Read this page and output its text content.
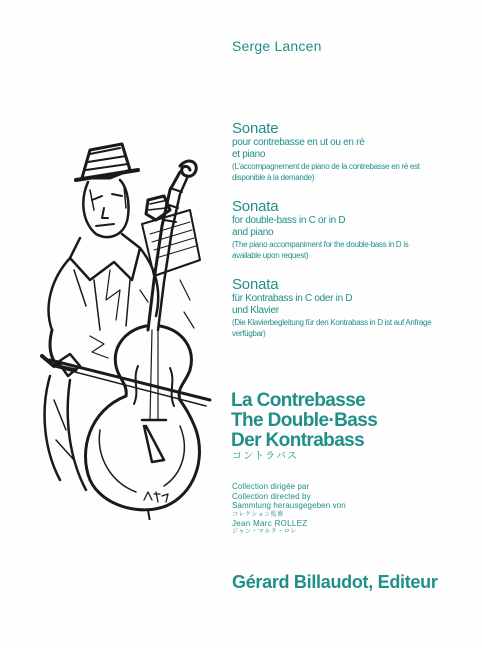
Serge Lancen
Sonate
pour contrebasse en ut ou en ré
et piano
(L'accompagnement de piano de la contrebasse en ré est
disponible à la demande)
Sonata
for double-bass in C or in D
and piano
(The piano accompaniment for the double-bass in D is
available upon request)
Sonata
für Kontrabass in C oder in D
und Klavier
(Die Klavierbegleitung für den Kontrabass in D ist auf Anfrage
verfügbar)
La Contrebasse
The Double·Bass
Der Kontrabass
コントラバス
Collection dirigée par
Collection directed by
Sammlung herausgegeben von
コレクション監修
Jean Marc ROLLEZ
ジャン・マルク・ロレ
Gérard Billaudot, Editeur
